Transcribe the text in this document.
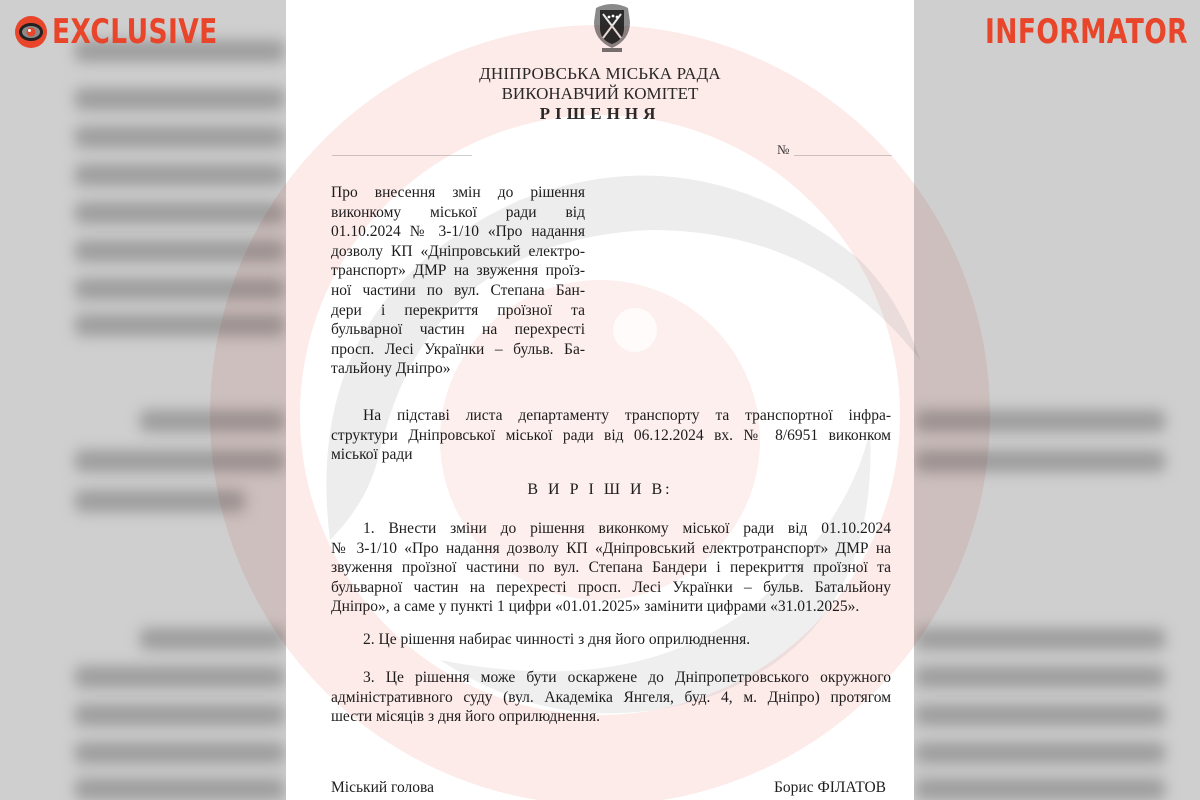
ДНІПРОВСЬКА МІСЬКА РАДА
ВИКОНАВЧИЙ КОМІТЕТ
РІШЕННЯ
№
Про внесення змін до рішення
виконкому міської ради від
01.10.2024 № 3-1/10 «Про надання
дозволу КП «Дніпровський електро-
транспорт» ДМР на звуження проїз-
ної частини по вул. Степана Бан-
дери і перекриття проїзної та
бульварної частин на перехресті
просп. Лесі Українки – бульв. Ба-
тальйону Дніпро»
На підставі листа департаменту транспорту та транспортної інфра-
структури Дніпровської міської ради від 06.12.2024 вх. № 8/6951 виконком
міської ради
В И Р І Ш И В:
1. Внести зміни до рішення виконкому міської ради від 01.10.2024
№ 3-1/10 «Про надання дозволу КП «Дніпровський електротранспорт» ДМР на
звуження проїзної частини по вул. Степана Бандери і перекриття проїзної та
бульварної частин на перехресті просп. Лесі Українки – бульв. Батальйону
Дніпро», а саме у пункті 1 цифри «01.01.2025» замінити цифрами «31.01.2025».
2. Це рішення набирає чинності з дня його оприлюднення.
3. Це рішення може бути оскаржене до Дніпропетровського окружного
адміністративного суду (вул. Академіка Янгеля, буд. 4, м. Дніпро) протягом
шести місяців з дня його оприлюднення.
Міський голова	Борис ФІЛАТОВ
EXCLUSIVE	INFORMATOR
